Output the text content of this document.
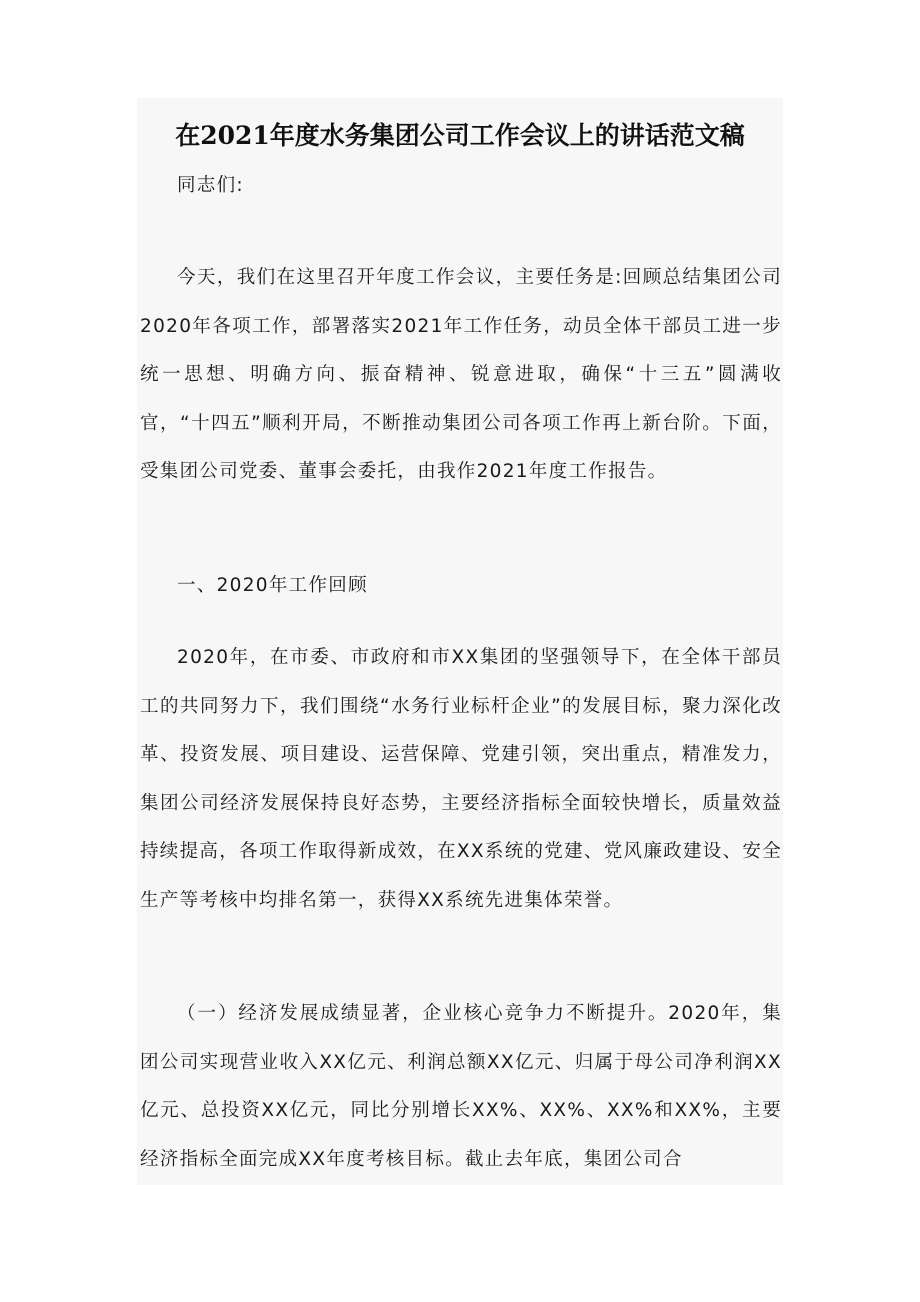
在2021年度水务集团公司工作会议上的讲话范文稿

同志们:

今天，我们在这里召开年度工作会议，主要任务是:回顾总结集团公司2020年各项工作，部署落实2021年工作任务，动员全体干部员工进一步统一思想、明确方向、振奋精神、锐意进取，确保“十三五”圆满收官，“十四五”顺利开局，不断推动集团公司各项工作再上新台阶。下面，受集团公司党委、董事会委托，由我作2021年度工作报告。

一、2020年工作回顾

2020年，在市委、市政府和市XX集团的坚强领导下，在全体干部员工的共同努力下，我们围绕“水务行业标杆企业”的发展目标，聚力深化改革、投资发展、项目建设、运营保障、党建引领，突出重点，精准发力，集团公司经济发展保持良好态势，主要经济指标全面较快增长，质量效益持续提高，各项工作取得新成效，在XX系统的党建、党风廉政建设、安全生产等考核中均排名第一，获得XX系统先进集体荣誉。

（一）经济发展成绩显著，企业核心竞争力不断提升。2020年，集团公司实现营业收入XX亿元、利润总额XX亿元、归属于母公司净利润XX亿元、总投资XX亿元，同比分别增长XX%、XX%、XX%和XX%，主要经济指标全面完成XX年度考核目标。截止去年底，集团公司合
